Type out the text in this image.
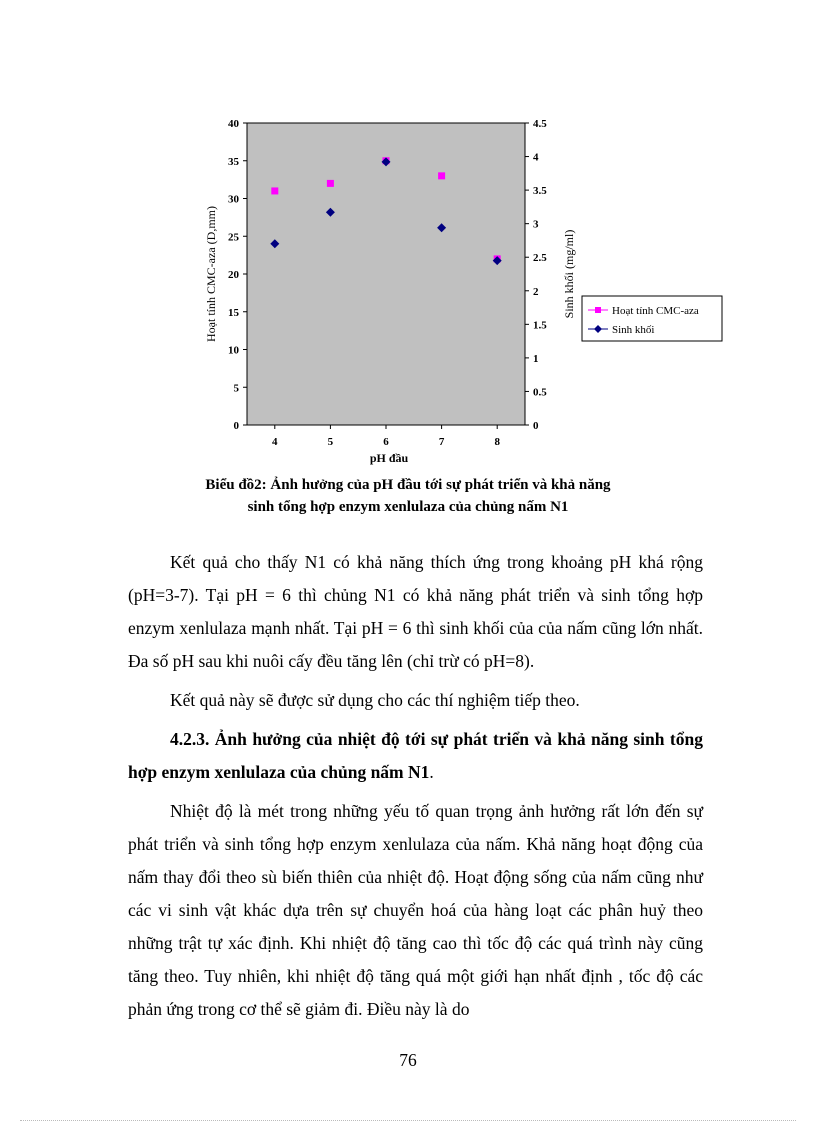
0
5
10
15
20
25
30
35
40
0
0.5
1
1.5
2
2.5
3
3.5
4
4.5
4	5	6	7	8
Hoạt tính CMC-aza (D,mm)	Sinh khối (mg/ml)
pH đầu
Hoạt tính CMC-aza
Sinh khối
Biểu đồ2: Ảnh hưởng của pH đầu tới sự phát triển và khả năng
sinh tổng hợp enzym xenlulaza của chủng nấm N1

Kết quả cho thấy N1 có khả năng thích ứng trong khoảng pH khá rộng (pH=3-7). Tại pH = 6 thì chủng N1 có khả năng phát triển và sinh tổng hợp enzym xenlulaza mạnh nhất. Tại pH = 6 thì sinh khối của của nấm cũng lớn nhất. Đa số pH sau khi nuôi cấy đều tăng lên (chỉ trừ có pH=8).

Kết quả này sẽ được sử dụng cho các thí nghiệm tiếp theo.

4.2.3. Ảnh hưởng của nhiệt độ tới sự phát triển và khả năng sinh tổng hợp enzym xenlulaza của chủng nấm N1.

Nhiệt độ là mét trong những yếu tố quan trọng ảnh hưởng rất lớn đến sự phát triển và sinh tổng hợp enzym xenlulaza của nấm. Khả năng hoạt động của nấm thay đổi theo sù biến thiên của nhiệt độ. Hoạt động sống của nấm cũng như các vi sinh vật khác dựa trên sự chuyển hoá của hàng loạt các phân huỷ theo những trật tự xác định. Khi nhiệt độ tăng cao thì tốc độ các quá trình này cũng tăng theo. Tuy nhiên, khi nhiệt độ tăng quá một giới hạn nhất định , tốc độ các phản ứng trong cơ thể sẽ giảm đi. Điều này là do

76
